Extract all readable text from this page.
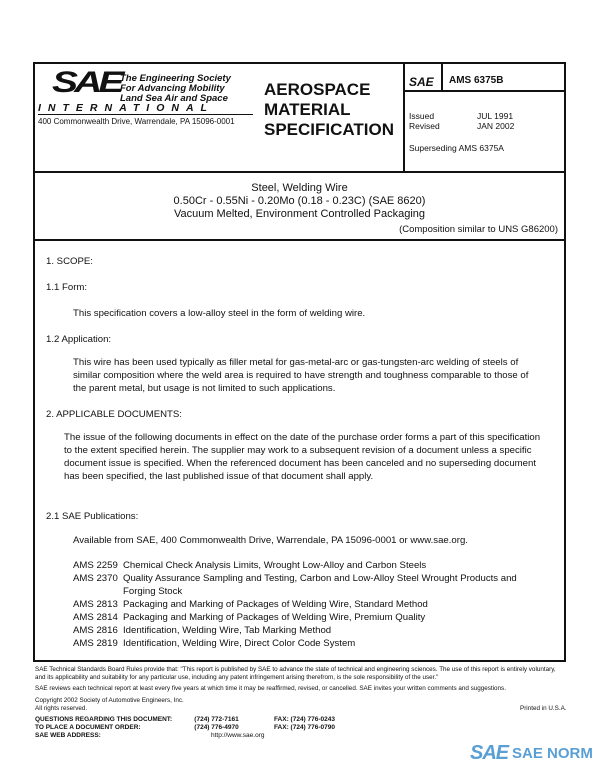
SAE The Engineering Society
For Advancing Mobility
Land Sea Air and Space
INTERNATIONAL
400 Commonwealth Drive, Warrendale, PA 15096-0001
AEROSPACE
MATERIAL
SPECIFICATION
SAE AMS 6375B
Issued	JUL 1991
Revised	JAN 2002
Superseding AMS 6375A
Steel, Welding Wire
0.50Cr - 0.55Ni - 0.20Mo (0.18 - 0.23C) (SAE 8620)
Vacuum Melted, Environment Controlled Packaging
(Composition similar to UNS G86200)
1. SCOPE:
1.1 Form:
This specification covers a low-alloy steel in the form of welding wire.
1.2 Application:
This wire has been used typically as filler metal for gas-metal-arc or gas-tungsten-arc welding of steels of similar composition where the weld area is required to have strength and toughness comparable to those of the parent metal, but usage is not limited to such applications.
2. APPLICABLE DOCUMENTS:
The issue of the following documents in effect on the date of the purchase order forms a part of this specification to the extent specified herein. The supplier may work to a subsequent revision of a document unless a specific document issue is specified. When the referenced document has been canceled and no superseding document has been specified, the last published issue of that document shall apply.
2.1 SAE Publications:
Available from SAE, 400 Commonwealth Drive, Warrendale, PA 15096-0001 or www.sae.org.
AMS 2259 Chemical Check Analysis Limits, Wrought Low-Alloy and Carbon Steels
AMS 2370 Quality Assurance Sampling and Testing, Carbon and Low-Alloy Steel Wrought Products and Forging Stock
AMS 2813 Packaging and Marking of Packages of Welding Wire, Standard Method
AMS 2814 Packaging and Marking of Packages of Welding Wire, Premium Quality
AMS 2816 Identification, Welding Wire, Tab Marking Method
AMS 2819 Identification, Welding Wire, Direct Color Code System
SAE Technical Standards Board Rules provide that: "This report is published by SAE to advance the state of technical and engineering sciences. The use of this report is entirely voluntary, and its applicability and suitability for any particular use, including any patent infringement arising therefrom, is the sole responsibility of the user."
SAE reviews each technical report at least every five years at which time it may be reaffirmed, revised, or cancelled. SAE invites your written comments and suggestions.
Copyright 2002 Society of Automotive Engineers, Inc.
All rights reserved.	Printed in U.S.A.
QUESTIONS REGARDING THIS DOCUMENT:	(724) 772-7161	FAX: (724) 776-0243
TO PLACE A DOCUMENT ORDER:	(724) 776-4970	FAX: (724) 776-0790
SAE WEB ADDRESS:	http://www.sae.org
SAE SAE NORM
